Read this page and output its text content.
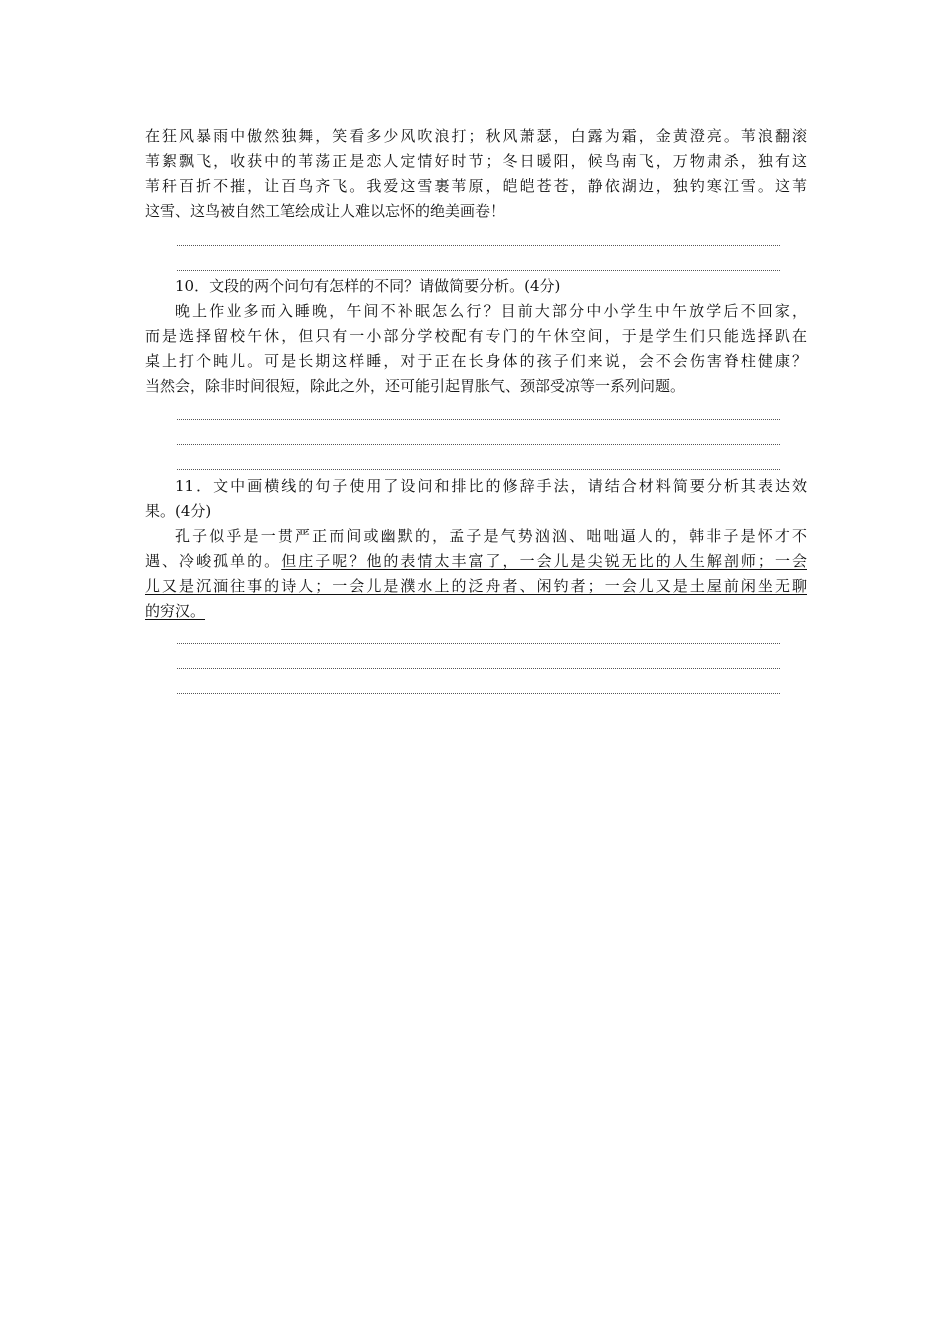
在狂风暴雨中傲然独舞，笑看多少风吹浪打；秋风萧瑟，白露为霜，金黄澄亮。苇浪翻滚
苇絮飘飞，收获中的苇荡正是恋人定情好时节；冬日暖阳，候鸟南飞，万物肃杀，独有这
苇秆百折不摧，让百鸟齐飞。我爱这雪裹苇原，皑皑苍苍，静依湖边，独钓寒江雪。这苇
这雪、这鸟被自然工笔绘成让人难以忘怀的绝美画卷！
10．文段的两个问句有怎样的不同？请做简要分析。(4分)
晚上作业多而入睡晚，午间不补眠怎么行？目前大部分中小学生中午放学后不回家，
而是选择留校午休，但只有一小部分学校配有专门的午休空间，于是学生们只能选择趴在
桌上打个盹儿。可是长期这样睡，对于正在长身体的孩子们来说，会不会伤害脊柱健康？
当然会，除非时间很短，除此之外，还可能引起胃胀气、颈部受凉等一系列问题。
11．文中画横线的句子使用了设问和排比的修辞手法，请结合材料简要分析其表达效
果。(4分)
孔子似乎是一贯严正而间或幽默的，孟子是气势汹汹、咄咄逼人的，韩非子是怀才不
遇、冷峻孤单的。但庄子呢？他的表情太丰富了，一会儿是尖锐无比的人生解剖师；一会
儿又是沉湎往事的诗人；一会儿是濮水上的泛舟者、闲钓者；一会儿又是土屋前闲坐无聊
的穷汉。
